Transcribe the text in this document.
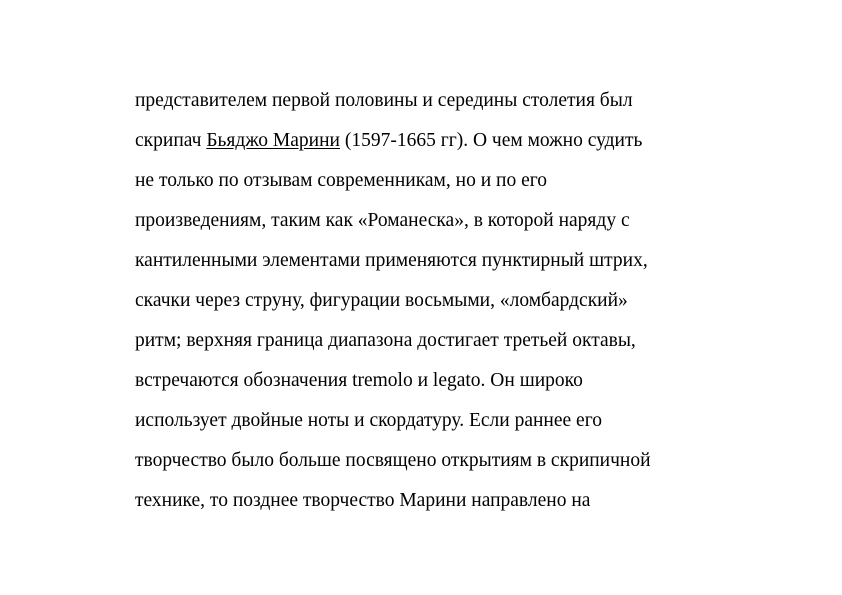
представителем первой половины и середины столетия был
скрипач Бьяджо Марини (1597-1665 гг). О чем можно судить
не только по отзывам современникам, но и по его
произведениям, таким как «Романеска», в которой наряду с
кантиленными элементами применяются пунктирный штрих,
скачки через струну, фигурации восьмыми, «ломбардский»
ритм; верхняя граница диапазона достигает третьей октавы,
встречаются обозначения tremolo и legato. Он широко
использует двойные ноты и скордатуру. Если раннее его
творчество было больше посвящено открытиям в скрипичной
технике, то позднее творчество Марини направлено на
